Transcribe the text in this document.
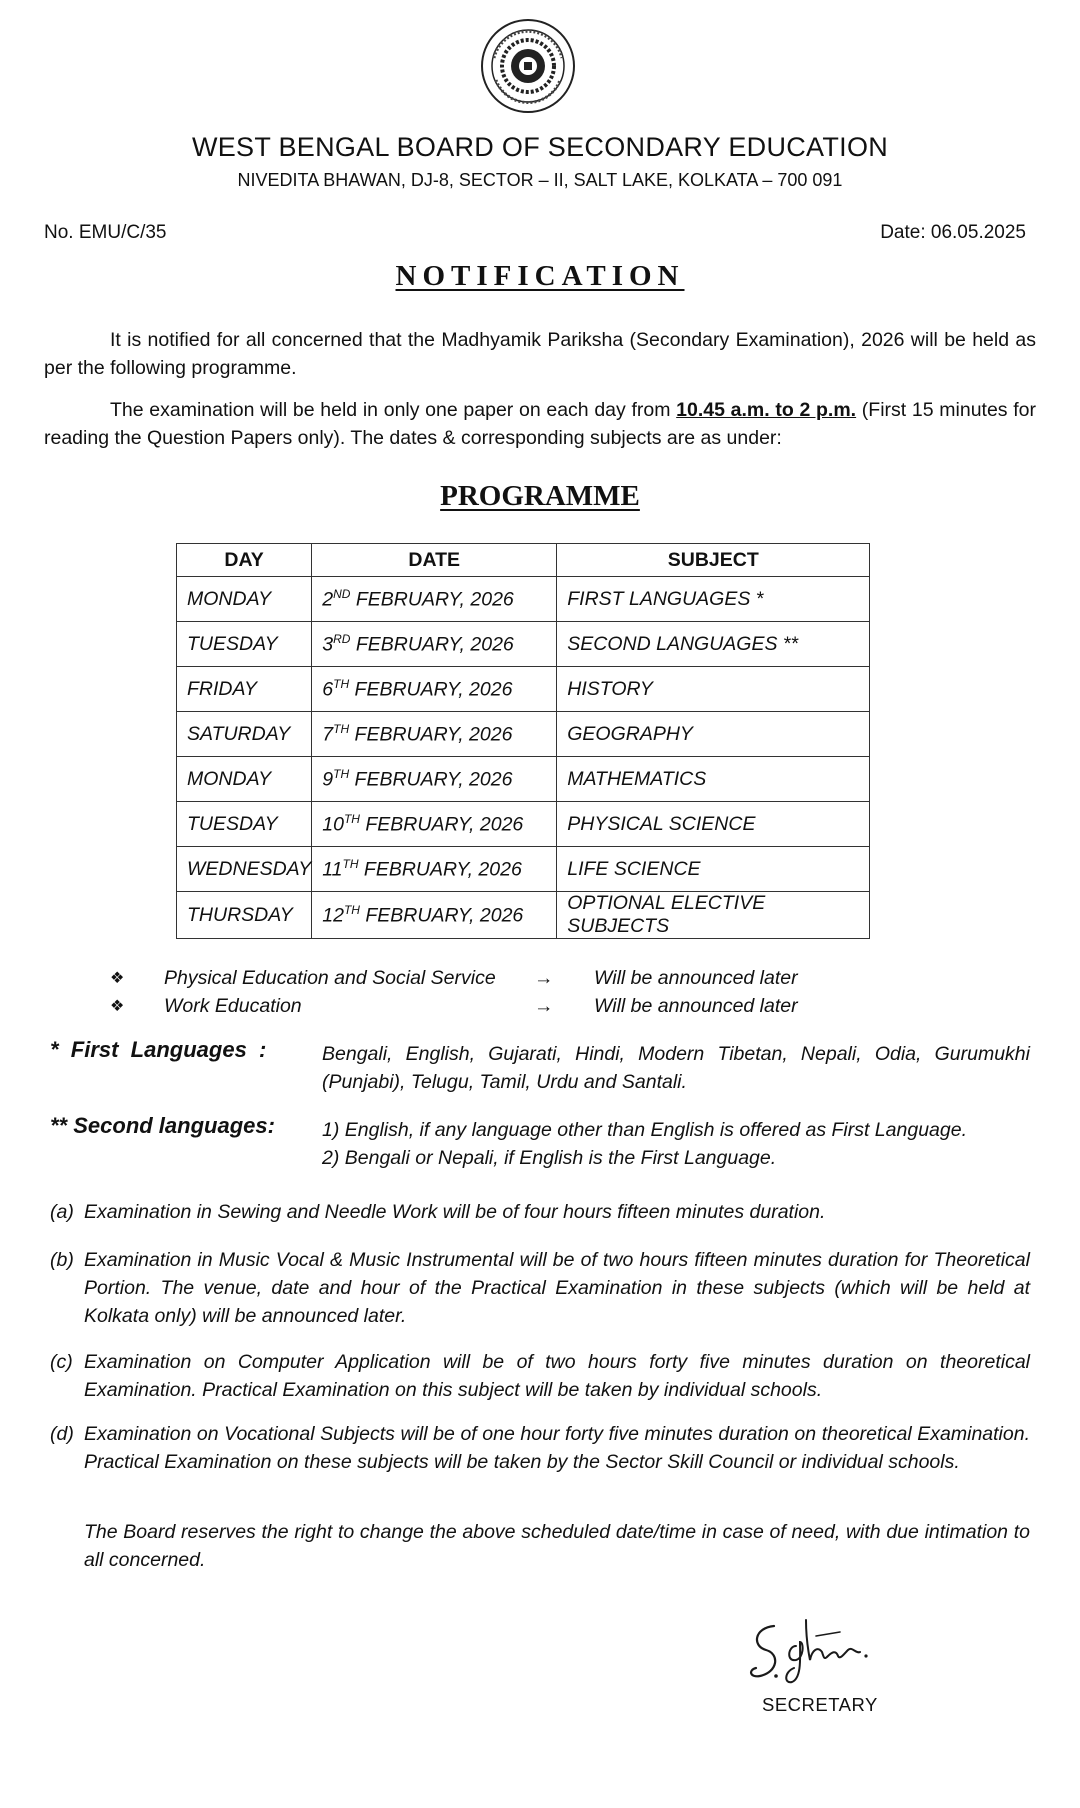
WEST BENGAL BOARD OF SECONDARY EDUCATION
NIVEDITA BHAWAN, DJ-8, SECTOR – II, SALT LAKE, KOLKATA – 700 091
No. EMU/C/35	Date: 06.05.2025
NOTIFICATION
It is notified for all concerned that the Madhyamik Pariksha (Secondary Examination), 2026 will be held as per the following programme.
The examination will be held in only one paper on each day from 10.45 a.m. to 2 p.m. (First 15 minutes for reading the Question Papers only). The dates & corresponding subjects are as under:
PROGRAMME
DAY	DATE	SUBJECT
MONDAY	2ND FEBRUARY, 2026	FIRST LANGUAGES *
TUESDAY	3RD FEBRUARY, 2026	SECOND LANGUAGES **
FRIDAY	6TH FEBRUARY, 2026	HISTORY
SATURDAY	7TH FEBRUARY, 2026	GEOGRAPHY
MONDAY	9TH FEBRUARY, 2026	MATHEMATICS
TUESDAY	10TH FEBRUARY, 2026	PHYSICAL SCIENCE
WEDNESDAY	11TH FEBRUARY, 2026	LIFE SCIENCE
THURSDAY	12TH FEBRUARY, 2026	OPTIONAL ELECTIVE SUBJECTS
❖	Physical Education and Social Service	→	Will be announced later
❖	Work Education	→	Will be announced later
*  First  Languages  :	Bengali, English, Gujarati, Hindi, Modern Tibetan, Nepali, Odia, Gurumukhi (Punjabi), Telugu, Tamil, Urdu and Santali.
** Second languages: 1) English, if any language other than English is offered as First Language.
2) Bengali or Nepali, if English is the First Language.
(a) Examination in Sewing and Needle Work will be of four hours fifteen minutes duration.
(b) Examination in Music Vocal & Music Instrumental will be of two hours fifteen minutes duration for Theoretical Portion. The venue, date and hour of the Practical Examination in these subjects (which will be held at Kolkata only) will be announced later.
(c) Examination on Computer Application will be of two hours forty five minutes duration on theoretical Examination. Practical Examination on this subject will be taken by individual schools.
(d) Examination on Vocational Subjects will be of one hour forty five minutes duration on theoretical Examination. Practical Examination on these subjects will be taken by the Sector Skill Council or individual schools.
The Board reserves the right to change the above scheduled date/time in case of need, with due intimation to all concerned.
SECRETARY
